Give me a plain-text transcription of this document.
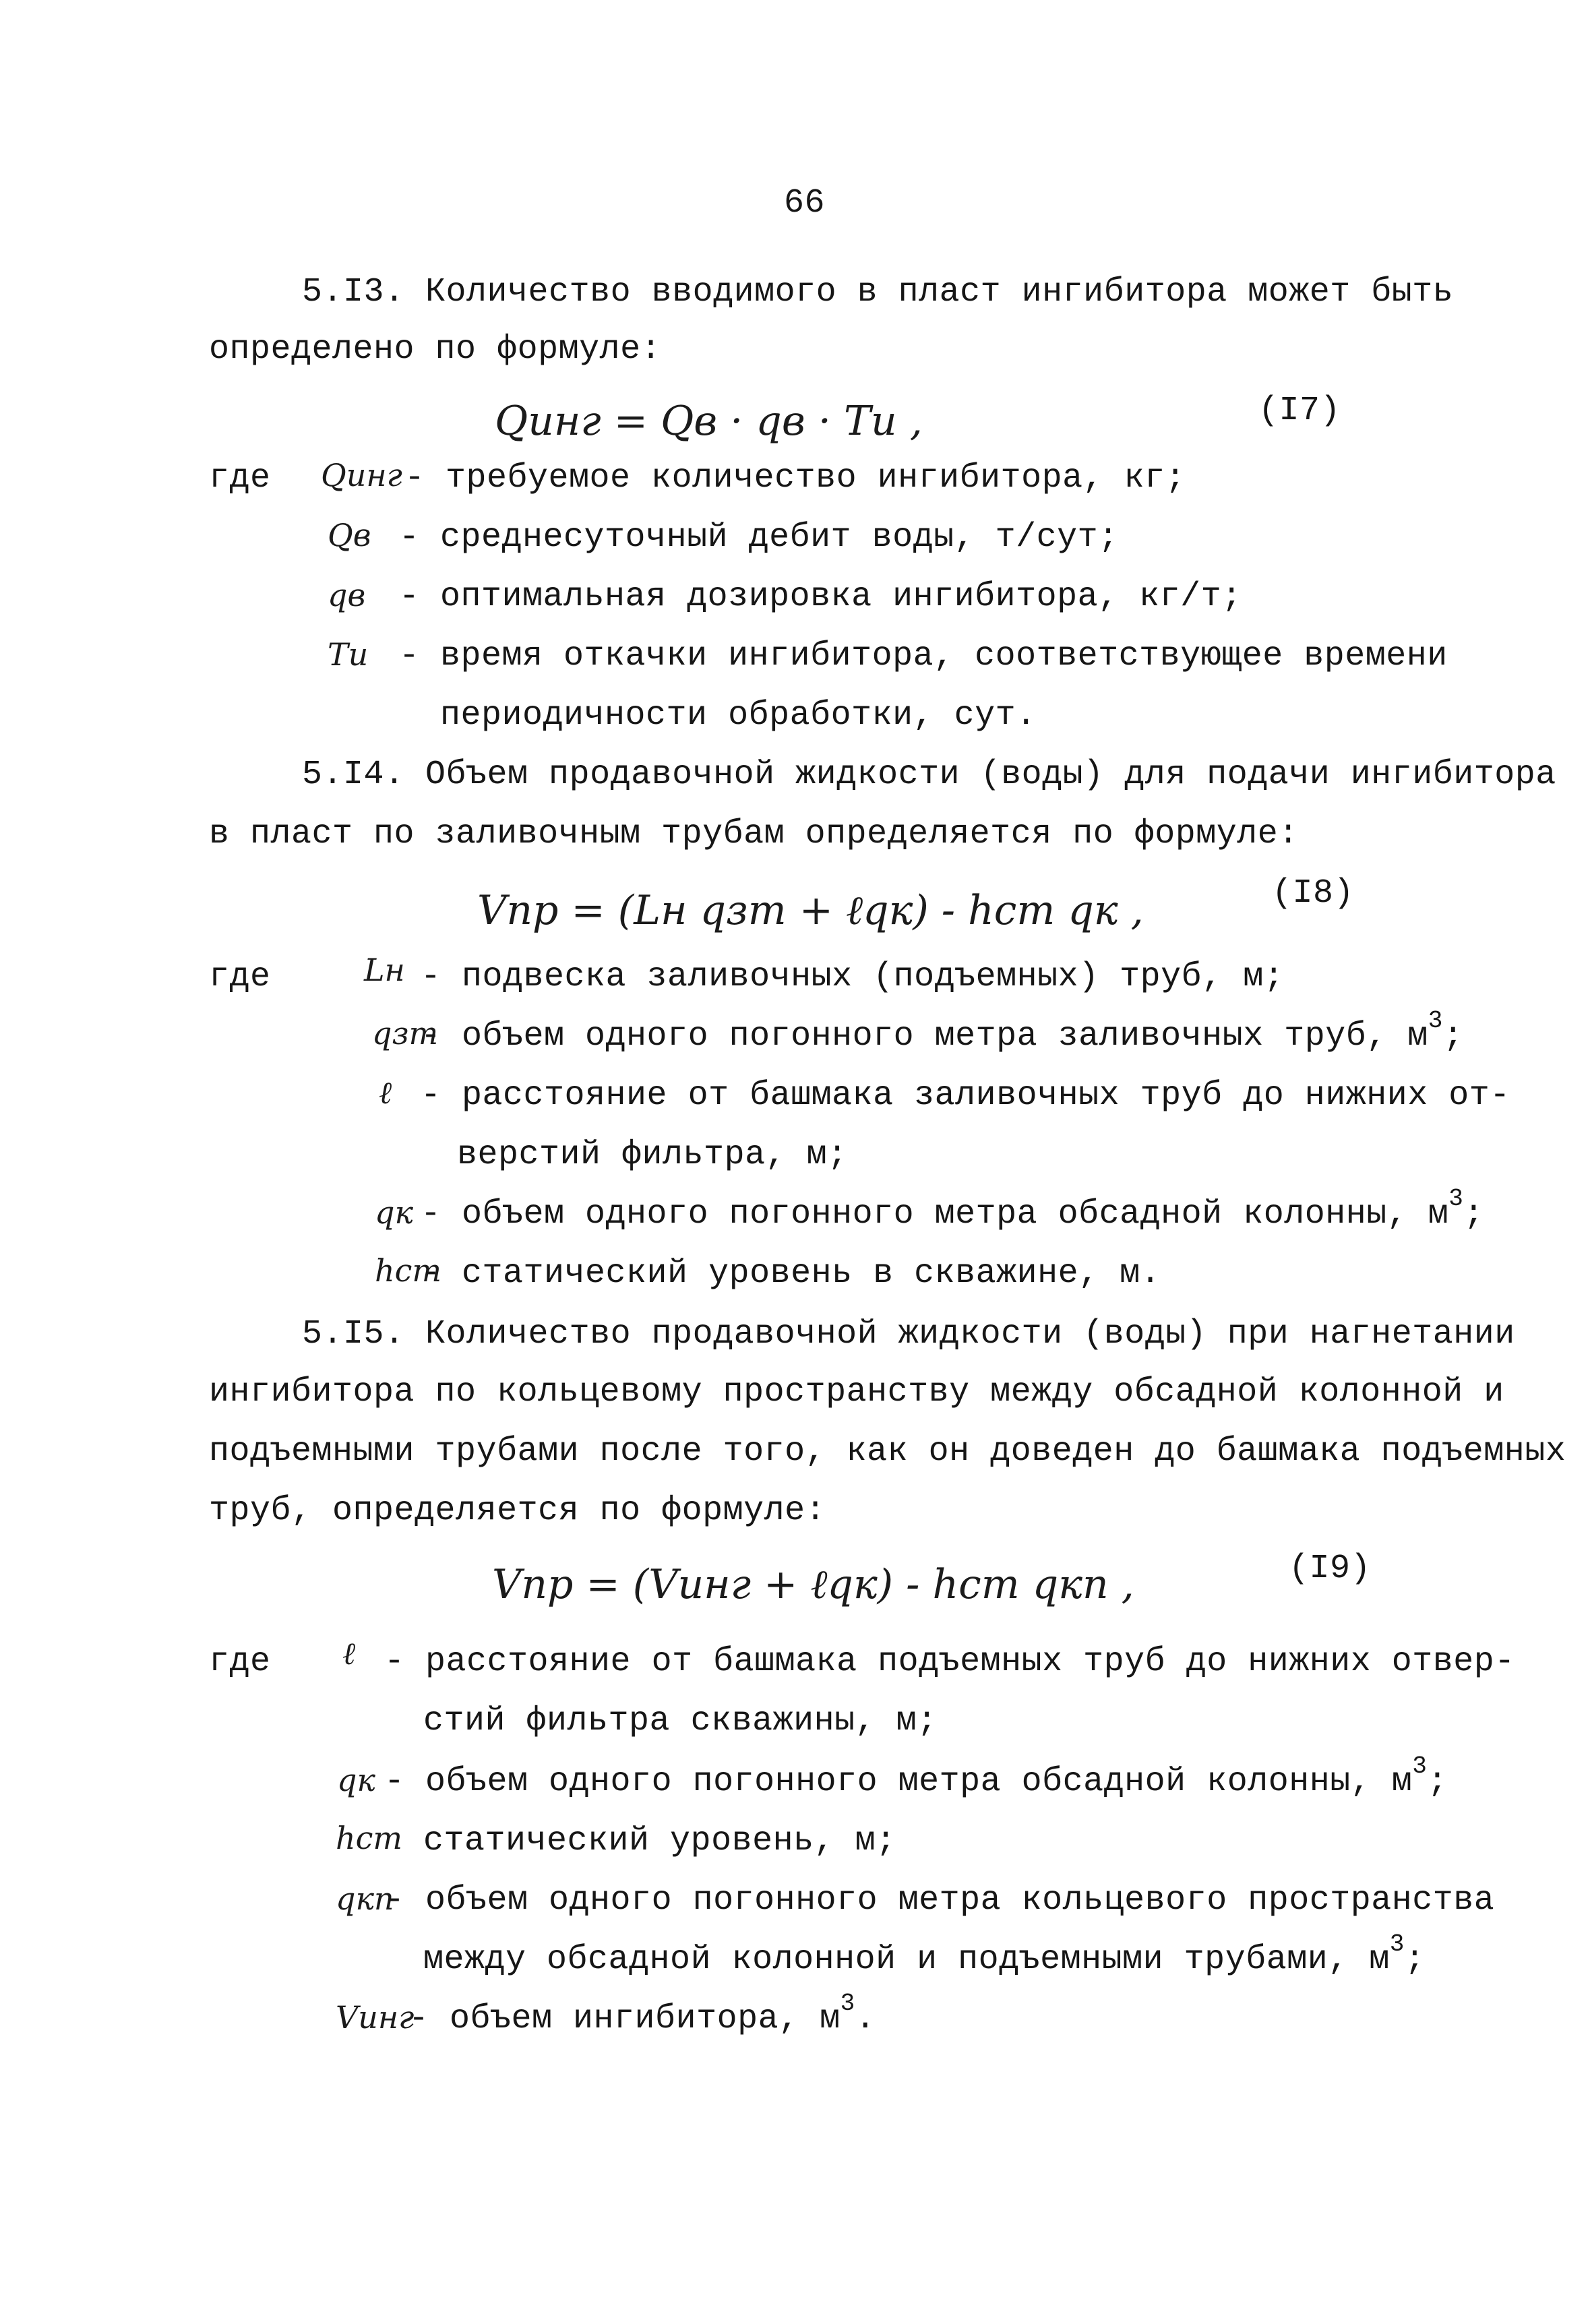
66
5.I3. Количество вводимого в пласт ингибитора может быть
определено по формуле:
Qинг = Qв · qв · Tи ,	(I7)
где Qинг - требуемое количество ингибитора, кг;
Qв - среднесуточный дебит воды, т/сут;
qв - оптимальная дозировка ингибитора, кг/т;
Tи - время откачки ингибитора, соответствующее времени
периодичности обработки, сут.
5.I4. Объем продавочной жидкости (воды) для подачи ингибитора
в пласт по заливочным трубам определяется по формуле:
Vпр = (Lн qзт + ℓqк) - hст qк ,	(I8)
где	Lн - подвеска заливочных (подъемных) труб, м;
qзт
- объем одного погонного метра заливочных труб, $м^3$;
ℓ - расстояние от башмака заливочных труб до нижних от-
верстий фильтра, м;
qк - объем одного погонного метра обсадной колонны, $м^3$;
hст
- статический уровень в скважине, м.
5.I5. Количество продавочной жидкости (воды) при нагнетании
ингибитора по кольцевому пространству между обсадной колонной и
подъемными трубами после того, как он доведен до башмака подъемных
труб, определяется по формуле:
Vпр = (Vинг + ℓqк) - hст qкп ,	(I9)
где ℓ - расстояние от башмака подъемных труб до нижних отвер-
стий фильтра скважины, м;
qк - объем одного погонного метра обсадной колонны, $м^3$;
hст статический уровень, м;
qкп
- объем одного погонного метра кольцевого пространства
между обсадной колонной и подъемными трубами, $м^3$;
Vинг
- объем ингибитора, $м^3$.
